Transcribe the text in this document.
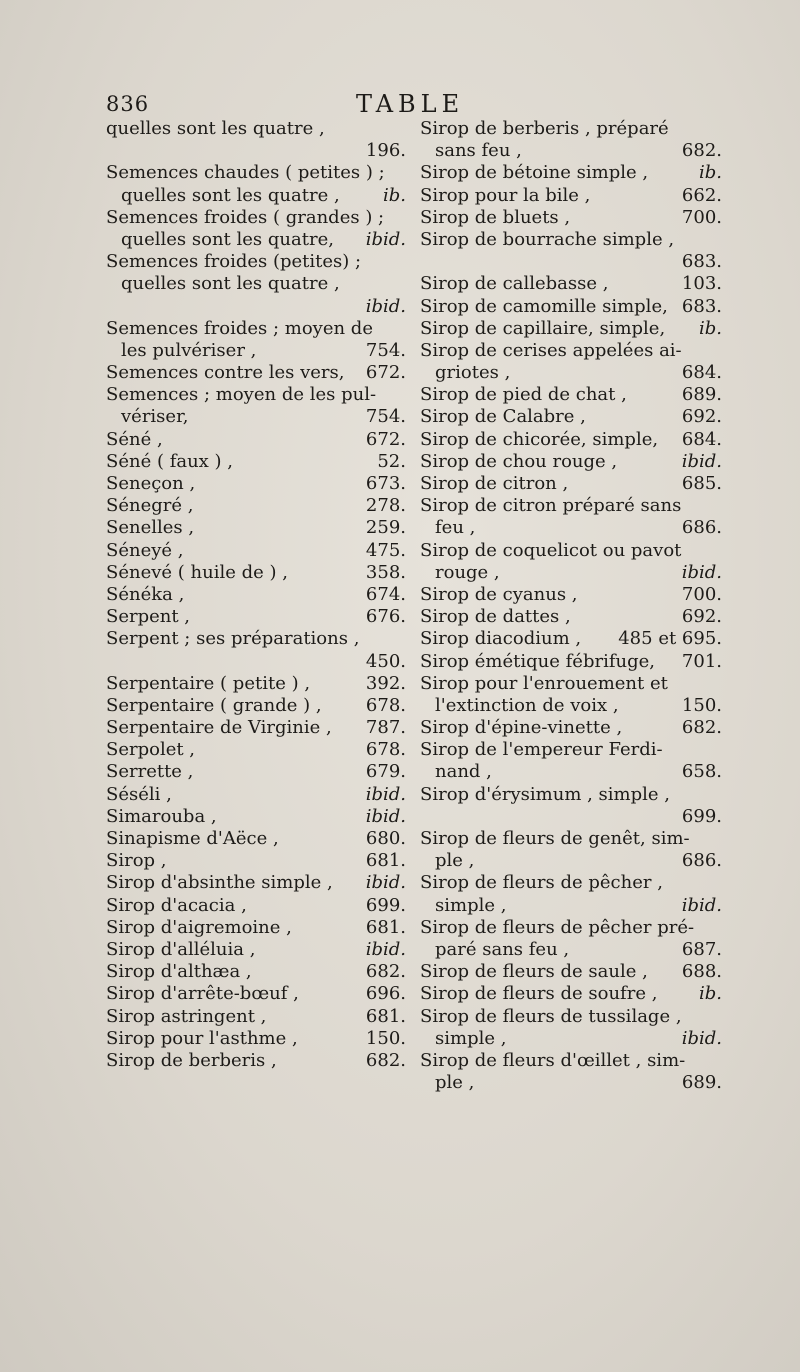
836	TABLE
quelles sont les quatre ,
196.
Semences chaudes ( petites ) ;
quelles sont les quatre , ib.
Semences froides ( grandes ) ;
quelles sont les quatre, ibid.
Semences froides (petites) ;
quelles sont les quatre ,
ibid.
Semences froides ; moyen de
les pulvériser ,	754.
Semences contre les vers, 672.
Semences ; moyen de les pul-
vériser,	754.
Séné ,	672.
Séné ( faux ) ,	52.
Seneçon ,	673.
Sénegré ,	278.
Senelles ,	259.
Séneyé ,	475.
Sénevé ( huile de ) ,	358.
Sénéka ,	674.
Serpent ,	676.
Serpent ; ses préparations ,
450.
Serpentaire ( petite ) ,	392.
Serpentaire ( grande ) , 678.
Serpentaire de Virginie , 787.
Serpolet ,	678.
Serrette ,	679.
Séséli ,	ibid.
Simarouba ,	ibid.
Sinapisme d'Aëce ,	680.
Sirop ,	681.
Sirop d'absinthe simple , ibid.
Sirop d'acacia ,	699.
Sirop d'aigremoine ,	681.
Sirop d'alléluia ,	ibid.
Sirop d'althæa ,	682.
Sirop d'arrête-bœuf ,	696.
Sirop astringent ,	681.
Sirop pour l'asthme ,	150.
Sirop de berberis ,	682.
Sirop de berberis , préparé
sans feu ,	682.
Sirop de bétoine simple ,	ib.
Sirop pour la bile ,	662.
Sirop de bluets ,	700.
Sirop de bourrache simple ,
683.
Sirop de callebasse ,	103.
Sirop de camomille simple, 683.
Sirop de capillaire, simple, ib.
Sirop de cerises appelées ai-
griotes ,	684.
Sirop de pied de chat ,	689.
Sirop de Calabre ,	692.
Sirop de chicorée, simple, 684.
Sirop de chou rouge ,	ibid.
Sirop de citron ,	685.
Sirop de citron préparé sans
feu ,	686.
Sirop de coquelicot ou pavot
rouge ,	ibid.
Sirop de cyanus ,	700.
Sirop de dattes ,	692.
Sirop diacodium , 485 et 695.
Sirop émétique fébrifuge, 701.
Sirop pour l'enrouement et
l'extinction de voix ,	150.
Sirop d'épine-vinette ,	682.
Sirop de l'empereur Ferdi-
nand ,	658.
Sirop d'érysimum , simple ,
699.
Sirop de fleurs de genêt, sim-
ple ,	686.
Sirop de fleurs de pêcher ,
simple ,	ibid.
Sirop de fleurs de pêcher pré-
paré sans feu ,	687.
Sirop de fleurs de saule , 688.
Sirop de fleurs de soufre , ib.
Sirop de fleurs de tussilage ,
simple ,	ibid.
Sirop de fleurs d'œillet , sim-
ple ,	689.
